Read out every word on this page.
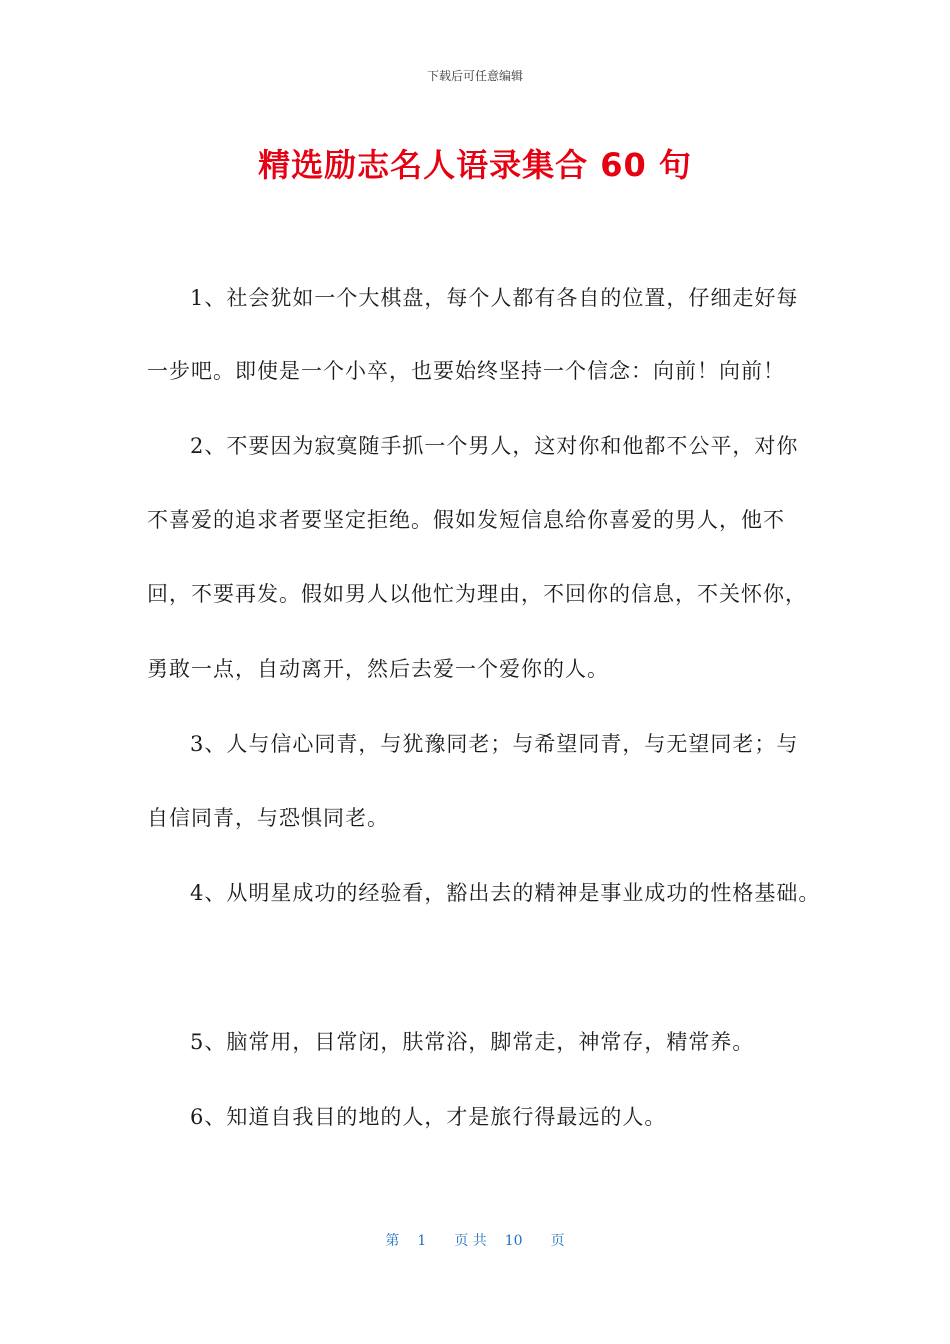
下载后可任意编辑
精选励志名人语录集合 60 句
1、社会犹如一个大棋盘，每个人都有各自的位置，仔细走好每
一步吧。即使是一个小卒，也要始终坚持一个信念：向前！向前！
2、不要因为寂寞随手抓一个男人，这对你和他都不公平，对你
不喜爱的追求者要坚定拒绝。假如发短信息给你喜爱的男人，他不
回，不要再发。假如男人以他忙为理由，不回你的信息，不关怀你，
勇敢一点，自动离开，然后去爱一个爱你的人。
3、人与信心同青，与犹豫同老；与希望同青，与无望同老；与
自信同青，与恐惧同老。
4、从明星成功的经验看，豁出去的精神是事业成功的性格基础。
5、脑常用，目常闭，肤常浴，脚常走，神常存，精常养。
6、知道自我目的地的人，才是旅行得最远的人。
第 1 页 共 10 页
